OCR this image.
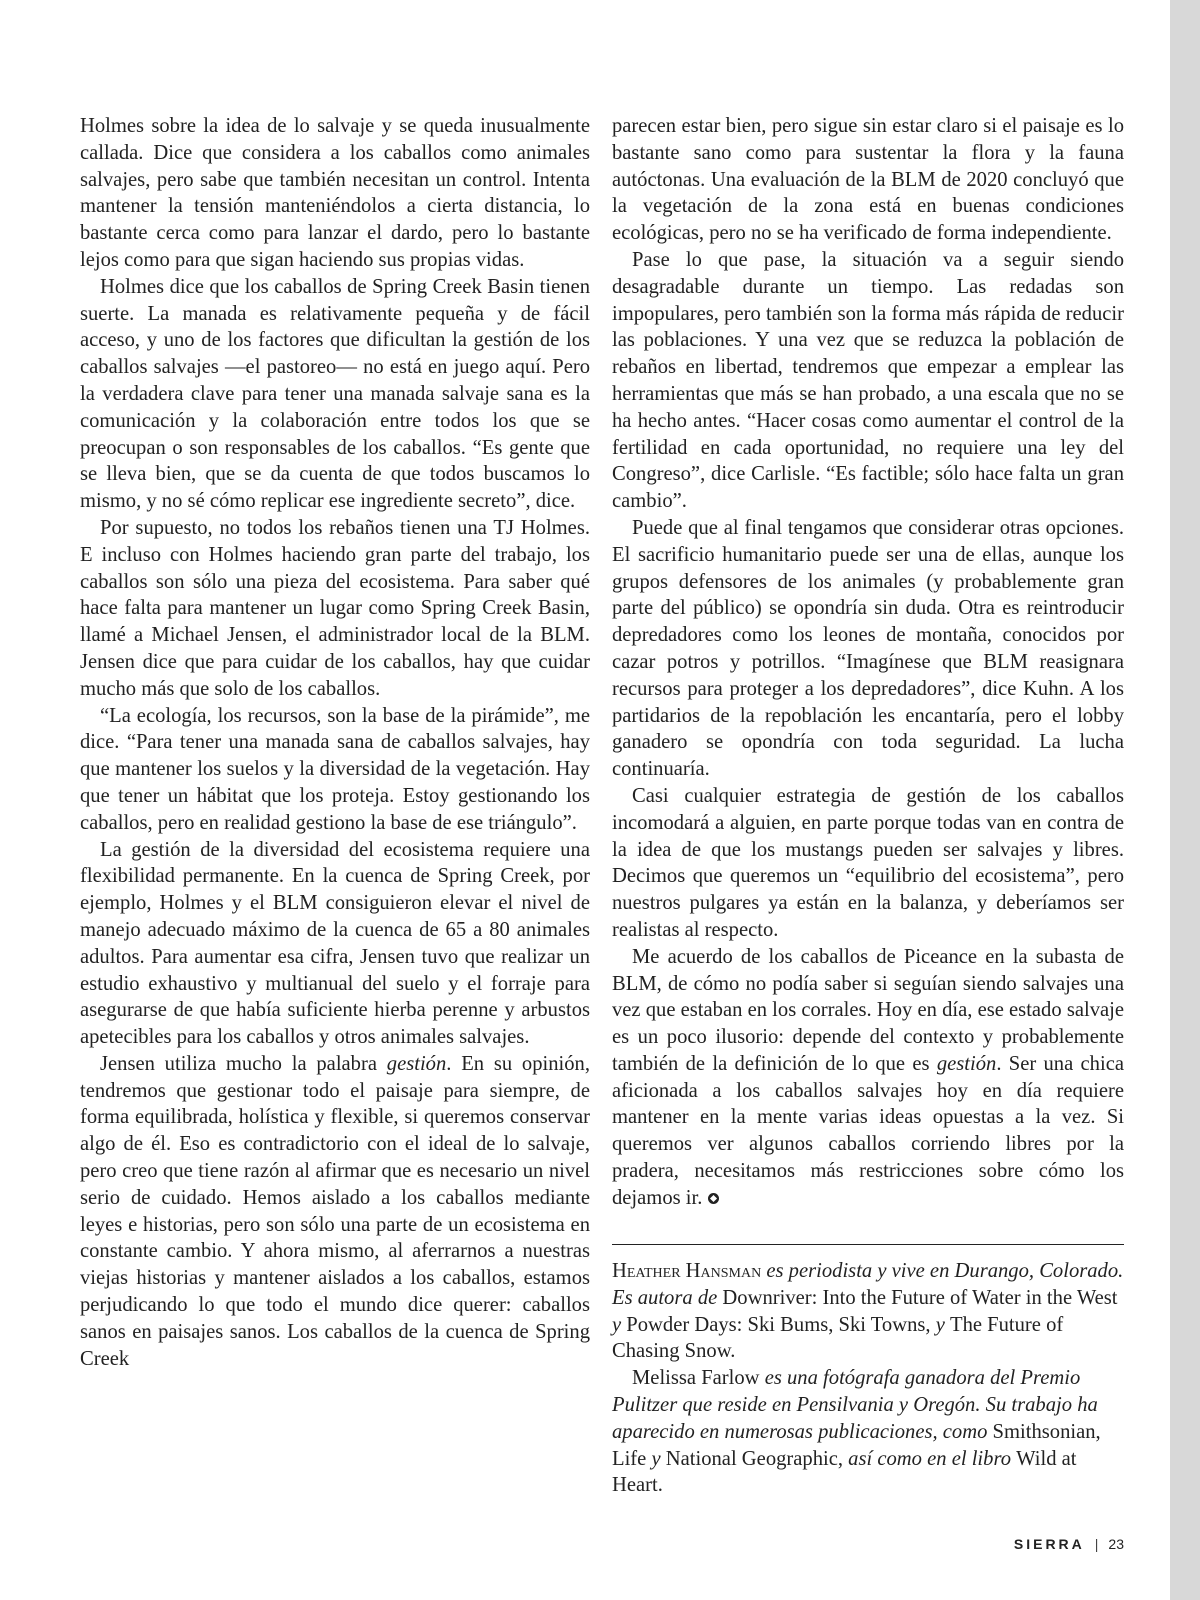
Holmes sobre la idea de lo salvaje y se queda inusualmente callada. Dice que considera a los caballos como animales salvajes, pero sabe que también necesitan un control. Intenta mantener la tensión manteniéndolos a cierta distancia, lo bastante cerca como para lanzar el dardo, pero lo bastante lejos como para que sigan haciendo sus propias vidas.

Holmes dice que los caballos de Spring Creek Basin tienen suerte. La manada es relativamente pequeña y de fácil acceso, y uno de los factores que dificultan la gestión de los caballos salvajes —el pastoreo— no está en juego aquí. Pero la verdadera clave para tener una manada salvaje sana es la comunicación y la colaboración entre todos los que se preocupan o son responsables de los caballos. “Es gente que se lleva bien, que se da cuenta de que todos buscamos lo mismo, y no sé cómo replicar ese ingrediente secreto”, dice.

Por supuesto, no todos los rebaños tienen una TJ Holmes. E incluso con Holmes haciendo gran parte del trabajo, los caballos son sólo una pieza del ecosistema. Para saber qué hace falta para mantener un lugar como Spring Creek Basin, llamé a Michael Jensen, el administrador local de la BLM. Jensen dice que para cuidar de los caballos, hay que cuidar mucho más que solo de los caballos.

“La ecología, los recursos, son la base de la pirámide”, me dice. “Para tener una manada sana de caballos salvajes, hay que mantener los suelos y la diversidad de la vegetación. Hay que tener un hábitat que los proteja. Estoy gestionando los caballos, pero en realidad gestiono la base de ese triángulo”.

La gestión de la diversidad del ecosistema requiere una flexibilidad permanente. En la cuenca de Spring Creek, por ejemplo, Holmes y el BLM consiguieron elevar el nivel de manejo adecuado máximo de la cuenca de 65 a 80 animales adultos. Para aumentar esa cifra, Jensen tuvo que realizar un estudio exhaustivo y multianual del suelo y el forraje para asegurarse de que había suficiente hierba perenne y arbustos apetecibles para los caballos y otros animales salvajes.

Jensen utiliza mucho la palabra gestión. En su opinión, tendremos que gestionar todo el paisaje para siempre, de forma equilibrada, holística y flexible, si queremos conservar algo de él. Eso es contradictorio con el ideal de lo salvaje, pero creo que tiene razón al afirmar que es necesario un nivel serio de cuidado. Hemos aislado a los caballos mediante leyes e historias, pero son sólo una parte de un ecosistema en constante cambio. Y ahora mismo, al aferrarnos a nuestras viejas historias y mantener aislados a los caballos, estamos perjudicando lo que todo el mundo dice querer: caballos sanos en paisajes sanos. Los caballos de la cuenca de Spring Creek

parecen estar bien, pero sigue sin estar claro si el paisaje es lo bastante sano como para sustentar la flora y la fauna autóctonas. Una evaluación de la BLM de 2020 concluyó que la vegetación de la zona está en buenas condiciones ecológicas, pero no se ha verificado de forma independiente.

Pase lo que pase, la situación va a seguir siendo desagradable durante un tiempo. Las redadas son impopulares, pero también son la forma más rápida de reducir las poblaciones. Y una vez que se reduzca la población de rebaños en libertad, tendremos que empezar a emplear las herramientas que más se han probado, a una escala que no se ha hecho antes. “Hacer cosas como aumentar el control de la fertilidad en cada oportunidad, no requiere una ley del Congreso”, dice Carlisle. “Es factible; sólo hace falta un gran cambio”.

Puede que al final tengamos que considerar otras opciones. El sacrificio humanitario puede ser una de ellas, aunque los grupos defensores de los animales (y probablemente gran parte del público) se opondría sin duda. Otra es reintroducir depredadores como los leones de montaña, conocidos por cazar potros y potrillos. “Imagínese que BLM reasignara recursos para proteger a los depredadores”, dice Kuhn. A los partidarios de la repoblación les encantaría, pero el lobby ganadero se opondría con toda seguridad. La lucha continuaría.

Casi cualquier estrategia de gestión de los caballos incomodará a alguien, en parte porque todas van en contra de la idea de que los mustangs pueden ser salvajes y libres. Decimos que queremos un “equilibrio del ecosistema”, pero nuestros pulgares ya están en la balanza, y deberíamos ser realistas al respecto.

Me acuerdo de los caballos de Piceance en la subasta de BLM, de cómo no podía saber si seguían siendo salvajes una vez que estaban en los corrales. Hoy en día, ese estado salvaje es un poco ilusorio: depende del contexto y probablemente también de la definición de lo que es gestión. Ser una chica aficionada a los caballos salvajes hoy en día requiere mantener en la mente varias ideas opuestas a la vez. Si queremos ver algunos caballos corriendo libres por la pradera, necesitamos más restricciones sobre cómo los dejamos ir.

Heather Hansman es periodista y vive en Durango, Colorado. Es autora de Downriver: Into the Future of Water in the West y Powder Days: Ski Bums, Ski Towns, y The Future of Chasing Snow.

Melissa Farlow es una fotógrafa ganadora del Premio Pulitzer que reside en Pensilvania y Oregón. Su trabajo ha aparecido en numerosas publicaciones, como Smithsonian, Life y National Geographic, así como en el libro Wild at Heart.

SIERRA | 23
